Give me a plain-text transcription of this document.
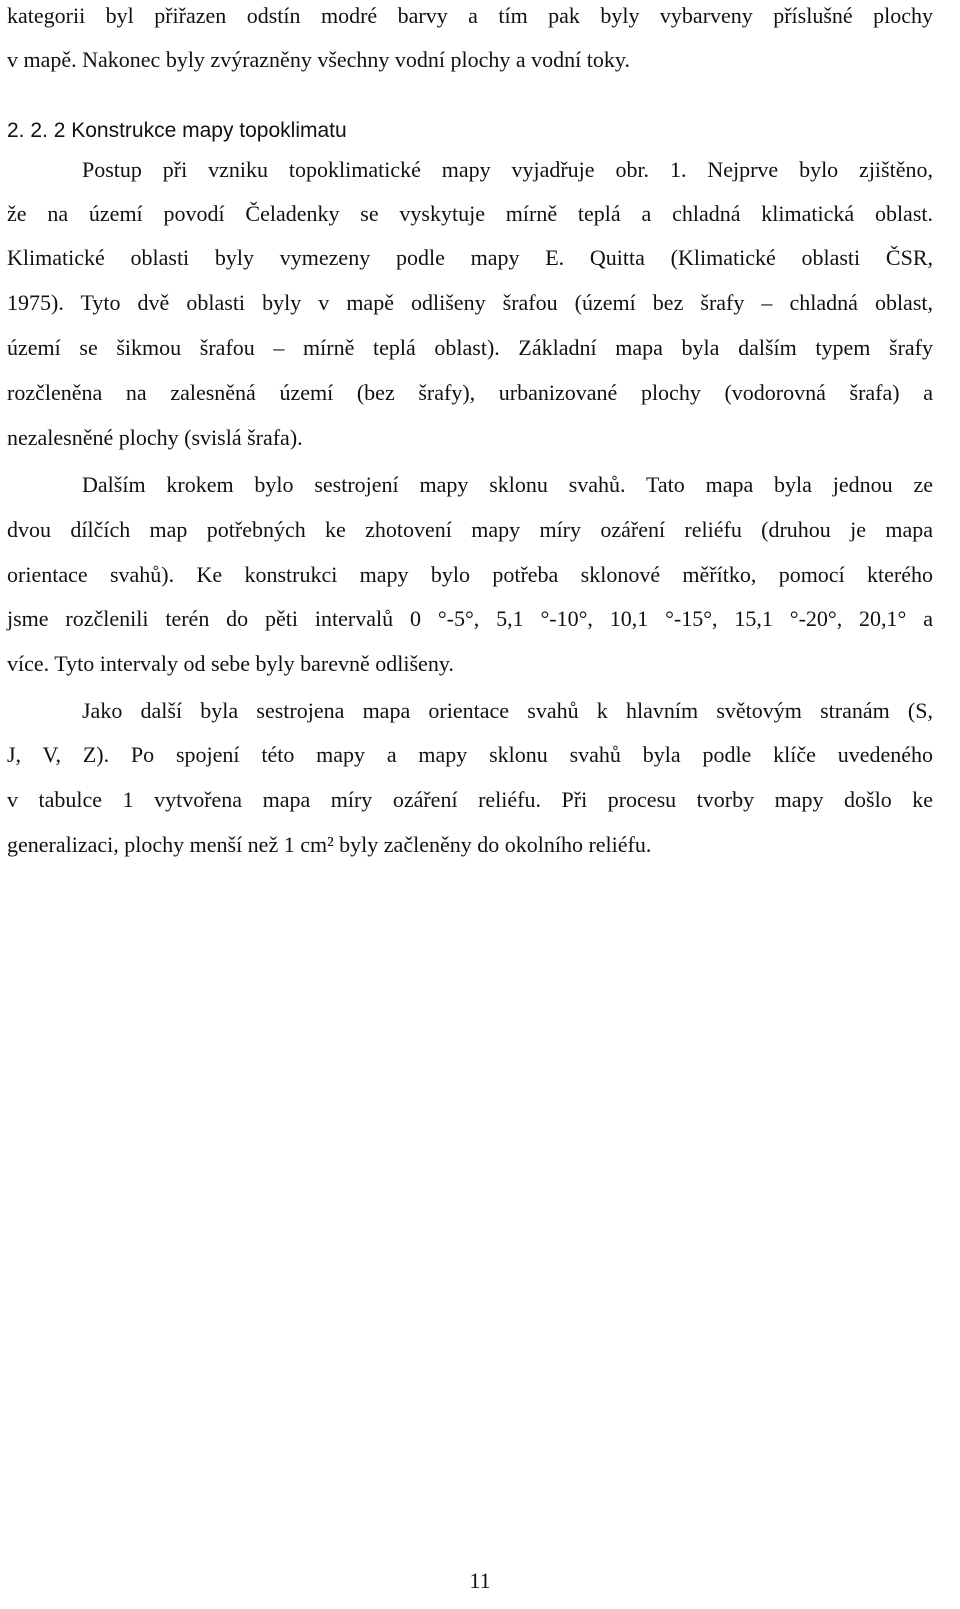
kategorii byl přiřazen odstín modré barvy a tím pak byly vybarveny příslušné plochy
v mapě. Nakonec byly zvýrazněny všechny vodní plochy a vodní toky.
2. 2. 2 Konstrukce mapy topoklimatu
Postup při vzniku topoklimatické mapy vyjadřuje obr. 1. Nejprve bylo zjištěno,
že na území povodí Čeladenky se vyskytuje mírně teplá a chladná klimatická oblast.
Klimatické oblasti byly vymezeny podle mapy E. Quitta (Klimatické oblasti ČSR,
1975). Tyto dvě oblasti byly v mapě odlišeny šrafou (území bez šrafy – chladná oblast,
území se šikmou šrafou – mírně teplá oblast). Základní mapa byla dalším typem šrafy
rozčleněna na zalesněná území (bez šrafy), urbanizované plochy (vodorovná šrafa) a
nezalesněné plochy (svislá šrafa).
Dalším krokem bylo sestrojení mapy sklonu svahů. Tato mapa byla jednou ze
dvou dílčích map potřebných ke zhotovení mapy míry ozáření reliéfu (druhou je mapa
orientace svahů). Ke konstrukci mapy bylo potřeba sklonové měřítko, pomocí kterého
jsme rozčlenili terén do pěti intervalů 0 °-5°, 5,1 °-10°, 10,1 °-15°, 15,1 °-20°, 20,1° a
více. Tyto intervaly od sebe byly barevně odlišeny.
Jako další byla sestrojena mapa orientace svahů k hlavním světovým stranám (S,
J, V, Z). Po spojení této mapy a mapy sklonu svahů byla podle klíče uvedeného
v tabulce 1 vytvořena mapa míry ozáření reliéfu. Při procesu tvorby mapy došlo ke
generalizaci, plochy menší než 1 cm² byly začleněny do okolního reliéfu.
11
